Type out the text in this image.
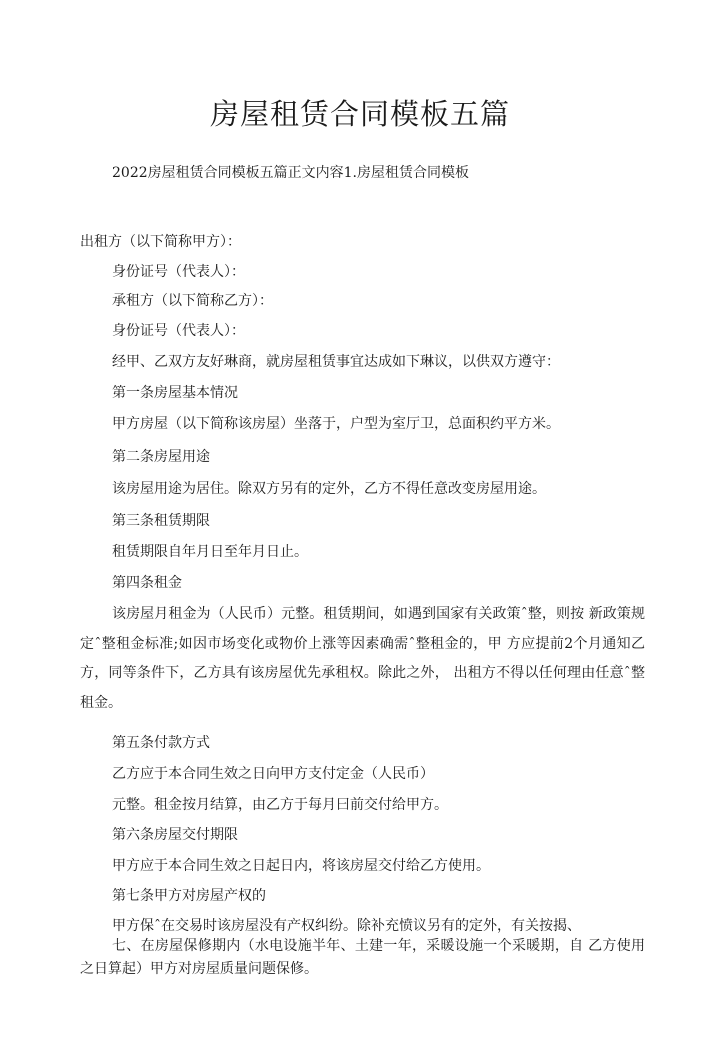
房屋租赁合同模板五篇
2022房屋租赁合同模板五篇正文内容1.房屋租赁合同模板
出租方（以下简称甲方）：
身份证号（代表人）：
承租方（以下简称乙方）：
身份证号（代表人）：
经甲、乙双方友好琳商，就房屋租赁事宜达成如下琳议，以供双方遵守：
第一条房屋基本情况
甲方房屋（以下简称该房屋）坐落于，户型为室厅卫，总面积约平方米。
第二条房屋用途
该房屋用途为居住。除双方另有的定外，乙方不得任意改变房屋用途。
第三条租赁期限
租赁期限自年月日至年月日止。
第四条租金
该房屋月租金为（人民币）元整。租赁期间，如遇到国家有关政策ˆ整，则按 新政策规定ˆ整租金标准;如因市场变化或物价上涨等因素确需ˆ整租金的，甲 方应提前2个月通知乙方，同等条件下，乙方具有该房屋优先承租权。除此之外， 出租方不得以任何理由任意ˆ整租金。
第五条付款方式
乙方应于本合同生效之日向甲方支付定金（人民币）
元整。租金按月结算，由乙方于每月曰前交付给甲方。
第六条房屋交付期限
甲方应于本合同生效之日起日内，将该房屋交付给乙方使用。
第七条甲方对房屋产权的
甲方保ˆ在交易时该房屋没有产权纠纷。除补充愤议另有的定外，有关按揭、
七、在房屋保修期内（水电设施半年、土建一年，采暖设施一个采暖期，自 乙方使用之日算起）甲方对房屋质量问题保修。
